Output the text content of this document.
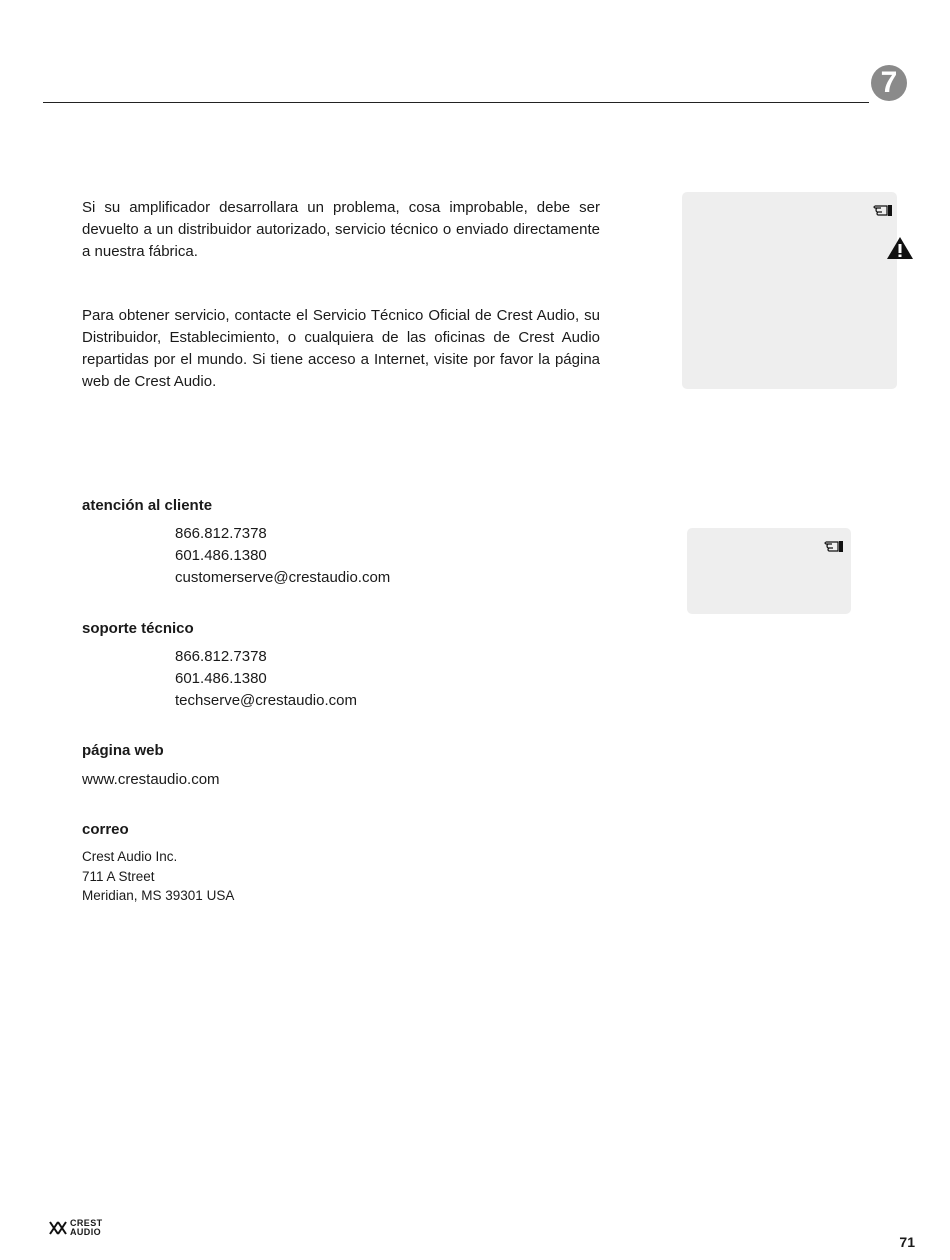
7
Si su amplificador desarrollara un problema, cosa improbable, debe ser devuelto a un distribuidor autorizado, servicio técnico o enviado directamente a nuestra fábrica.
Para obtener servicio, contacte el Servicio Técnico Oficial de Crest Audio, su Distribuidor, Establecimiento, o cualquiera de las oficinas de Crest Audio repartidas por el mundo. Si tiene acceso a Internet, visite por favor la página web de Crest Audio.
atención al cliente
866.812.7378
601.486.1380
customerserve@crestaudio.com
soporte técnico
866.812.7378
601.486.1380
techserve@crestaudio.com
página web
www.crestaudio.com
correo
Crest Audio Inc.
711 A Street
Meridian, MS 39301 USA
CREST
AUDIO
71
